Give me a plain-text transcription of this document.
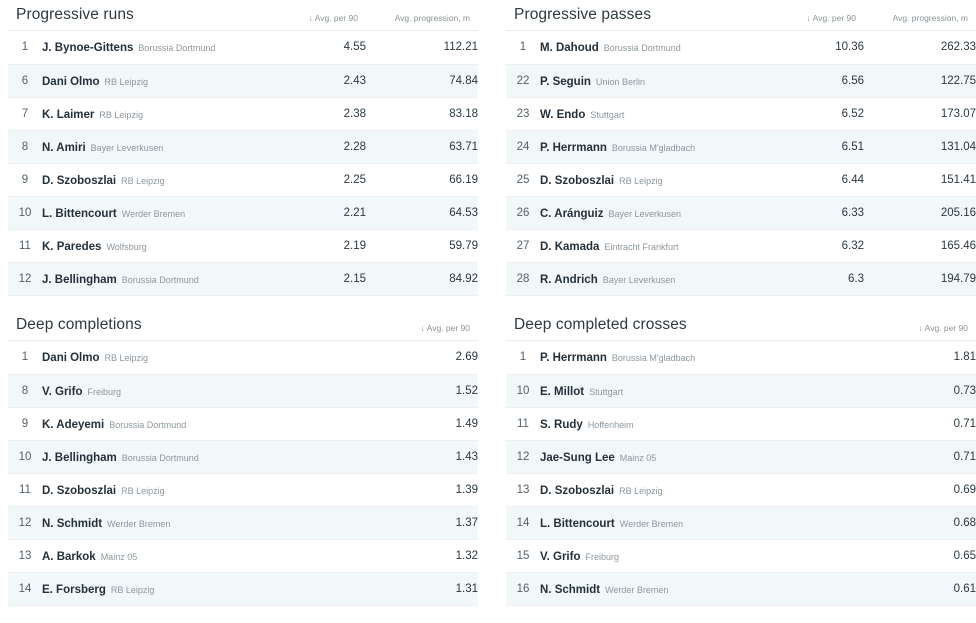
Progressive runs	↓ Avg. per 90	Avg. progression, m
1	J. Bynoe-Gittens Borussia Dortmund	4.55	112.21
6	Dani Olmo RB Leipzig	2.43	74.84
7	K. Laimer RB Leipzig	2.38	83.18
8	N. Amiri Bayer Leverkusen	2.28	63.71
9	D. Szoboszlai RB Leipzig	2.25	66.19
10	L. Bittencourt Werder Bremen	2.21	64.53
11	K. Paredes Wolfsburg	2.19	59.79
12	J. Bellingham Borussia Dortmund	2.15	84.92
Progressive passes	↓ Avg. per 90	Avg. progression, m
1	M. Dahoud Borussia Dortmund	10.36	262.33
22	P. Seguin Union Berlin	6.56	122.75
23	W. Endo Stuttgart	6.52	173.07
24	P. Herrmann Borussia M'gladbach	6.51	131.04
25	D. Szoboszlai RB Leipzig	6.44	151.41
26	C. Aránguiz Bayer Leverkusen	6.33	205.16
27	D. Kamada Eintracht Frankfurt	6.32	165.46
28	R. Andrich Bayer Leverkusen	6.3	194.79
Deep completions	↓ Avg. per 90
1	Dani Olmo RB Leipzig	2.69
8	V. Grifo Freiburg	1.52
9	K. Adeyemi Borussia Dortmund	1.49
10	J. Bellingham Borussia Dortmund	1.43
11	D. Szoboszlai RB Leipzig	1.39
12	N. Schmidt Werder Bremen	1.37
13	A. Barkok Mainz 05	1.32
14	E. Forsberg RB Leipzig	1.31
Deep completed crosses	↓ Avg. per 90
1	P. Herrmann Borussia M'gladbach	1.81
10	E. Millot Stuttgart	0.73
11	S. Rudy Hoffenheim	0.71
12	Jae-Sung Lee Mainz 05	0.71
13	D. Szoboszlai RB Leipzig	0.69
14	L. Bittencourt Werder Bremen	0.68
15	V. Grifo Freiburg	0.65
16	N. Schmidt Werder Bremen	0.61
